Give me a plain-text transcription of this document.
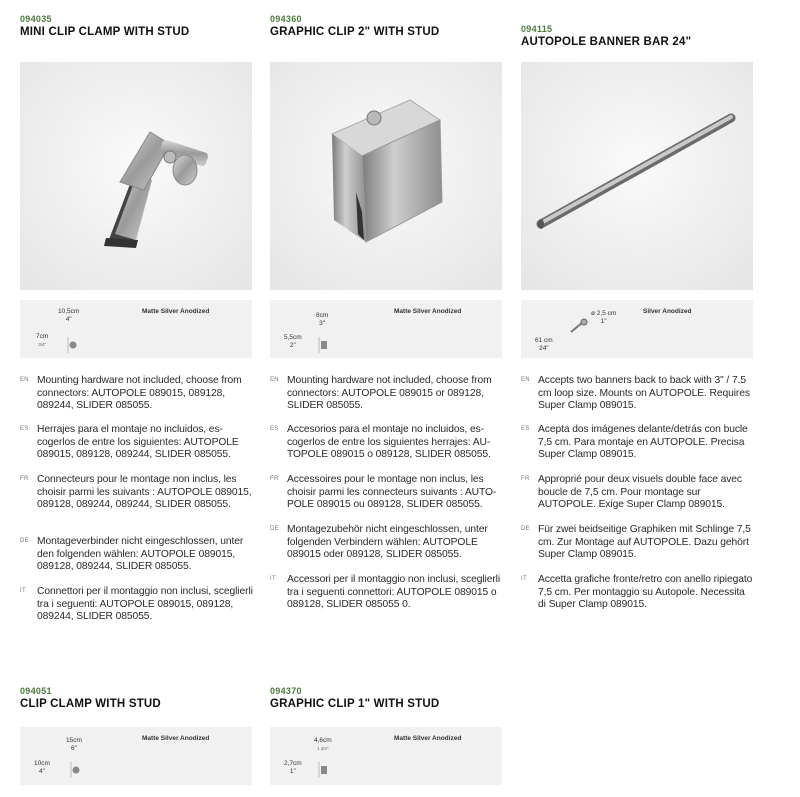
094035
MINI CLIP CLAMP WITH STUD
Matte Silver Anodized
10,5cm
4"
7cm
3/4"
EN Mounting hardware not included, choose from connectors: AUTOPOLE 089015, 089128, 089244, SLIDER 085055.
ES Herrajes para el montaje no incluidos, es-cogerlos de entre los siguientes: AUTOPOLE 089015, 089128, 089244, SLIDER 085055.
FR Connecteurs pour le montage non inclus, les choisir parmi les suivants : AUTOPOLE 089015, 089128, 089244, 089244, SLIDER 085055.
DE Montageverbinder nicht eingeschlossen, unter den folgenden wählen: AUTOPOLE 089015, 089128, 089244, SLIDER 085055.
IT	Connettori per il montaggio non inclusi, sceglierli tra i seguenti: AUTOPOLE 089015, 089128, 089244, SLIDER 085055.
094360
GRAPHIC CLIP 2" WITH STUD
Matte Silver Anodized
8cm
3"
5,5cm
2"
EN Mounting hardware not included, choose from connectors: AUTOPOLE 089015 or 089128, SLIDER 085055.
ES Accesorios para el montaje no incluidos, es-cogerlos de entre los siguientes herrajes: AU-TOPOLE 089015 o 089128, SLIDER 085055.
FR Accessoires pour le montage non inclus, les choisir parmi les connecteurs suivants : AUTO-POLE 089015 ou 089128, SLIDER 085055.
DE Montagezubehör nicht eingeschlossen, unter folgenden Verbindern wählen: AUTOPOLE 089015 oder 089128, SLIDER 085055.
IT	Accessori per il montaggio non inclusi, sceglierli tra i seguenti connettori: AUTOPOLE 089015 o 089128, SLIDER 085055 0.
094115
AUTOPOLE BANNER BAR 24"
Silver Anodized
ø 2,5 cm
1"
61 cm
24"
EN Accepts two banners back to back with 3" / 7.5 cm loop size. Mounts on AUTOPOLE. Requires Super Clamp 089015.
ES Acepta dos imágenes delante/detrás con bucle 7,5 cm. Para montaje en AUTOPOLE. Precisa Super Clamp 089015.
FR Approprié pour deux visuels double face avec boucle de 7,5 cm. Pour montage sur AUTOPOLE. Exige Super Clamp 089015.
DE Für zwei beidseitige Graphiken mit Schlinge 7,5 cm. Zur Montage auf AUTOPOLE. Dazu gehört Super Clamp 089015.
IT	Accetta grafiche fronte/retro con anello ripiegato 7,5 cm. Per montaggio su Autopole. Necessita di Super Clamp 089015.
094051
CLIP CLAMP WITH STUD
Matte Silver Anodized
15cm
6"
10cm
4"
094370
GRAPHIC CLIP 1" WITH STUD
Matte Silver Anodized
4,6cm
1 3/4"
2,7cm
1"
